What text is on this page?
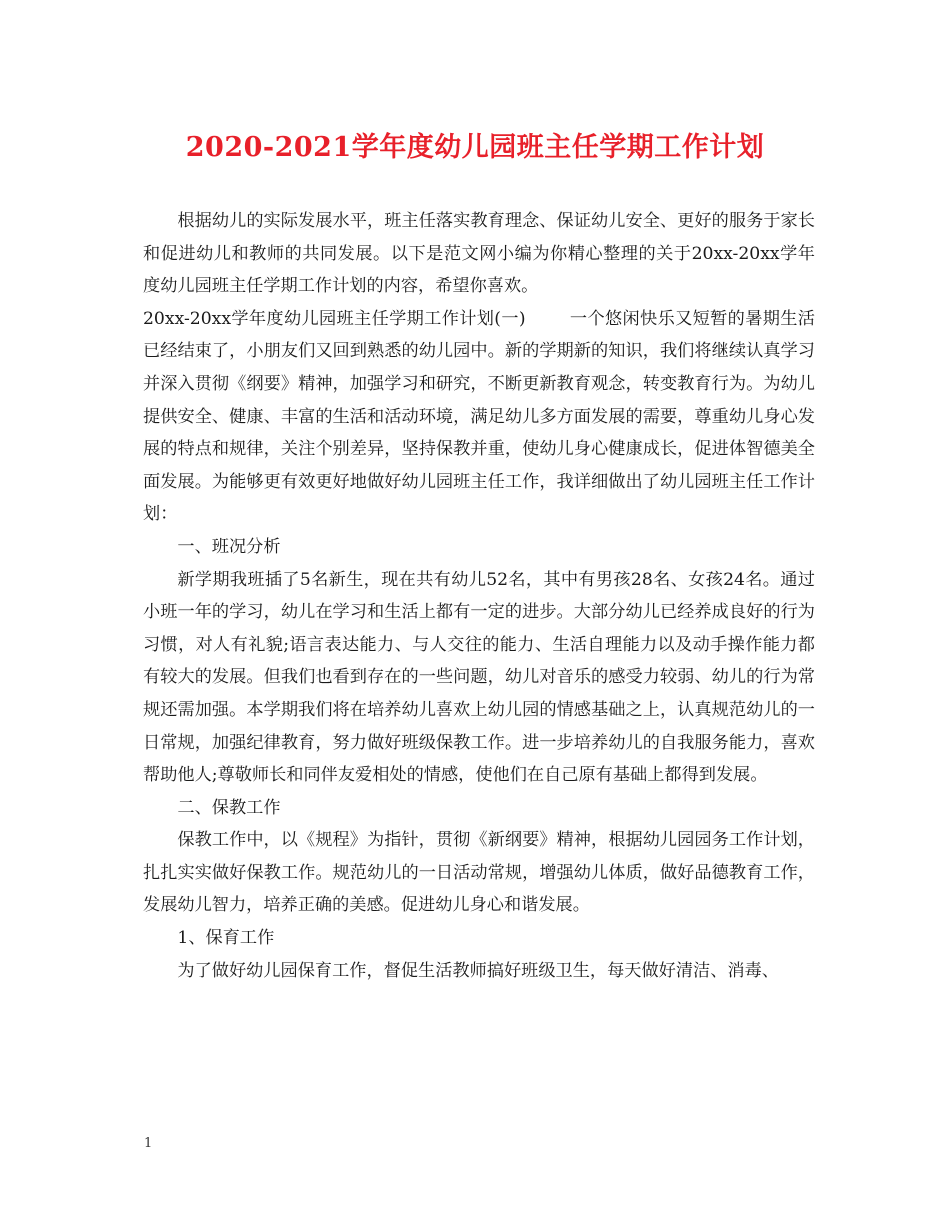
2020-2021学年度幼儿园班主任学期工作计划

根据幼儿的实际发展水平，班主任落实教育理念、保证幼儿安全、更好的服务于家长和促进幼儿和教师的共同发展。以下是范文网小编为你精心整理的关于20xx-20xx学年度幼儿园班主任学期工作计划的内容，希望你喜欢。

20xx-20xx学年度幼儿园班主任学期工作计划(一)	一个悠闲快乐又短暂的暑期生活已经结束了，小朋友们又回到熟悉的幼儿园中。新的学期新的知识，我们将继续认真学习并深入贯彻《纲要》精神，加强学习和研究，不断更新教育观念，转变教育行为。为幼儿提供安全、健康、丰富的生活和活动环境，满足幼儿多方面发展的需要，尊重幼儿身心发展的特点和规律，关注个别差异，坚持保教并重，使幼儿身心健康成长，促进体智德美全面发展。为能够更有效更好地做好幼儿园班主任工作，我详细做出了幼儿园班主任工作计划：

一、班况分析

新学期我班插了5名新生，现在共有幼儿52名，其中有男孩28名、女孩24名。通过小班一年的学习，幼儿在学习和生活上都有一定的进步。大部分幼儿已经养成良好的行为习惯，对人有礼貌;语言表达能力、与人交往的能力、生活自理能力以及动手操作能力都有较大的发展。但我们也看到存在的一些问题，幼儿对音乐的感受力较弱、幼儿的行为常规还需加强。本学期我们将在培养幼儿喜欢上幼儿园的情感基础之上，认真规范幼儿的一日常规，加强纪律教育，努力做好班级保教工作。进一步培养幼儿的自我服务能力，喜欢帮助他人;尊敬师长和同伴友爱相处的情感，使他们在自己原有基础上都得到发展。

二、保教工作

保教工作中，以《规程》为指针，贯彻《新纲要》精神，根据幼儿园园务工作计划，扎扎实实做好保教工作。规范幼儿的一日活动常规，增强幼儿体质，做好品德教育工作，发展幼儿智力，培养正确的美感。促进幼儿身心和谐发展。

1、保育工作

为了做好幼儿园保育工作，督促生活教师搞好班级卫生，每天做好清洁、消毒、

1
